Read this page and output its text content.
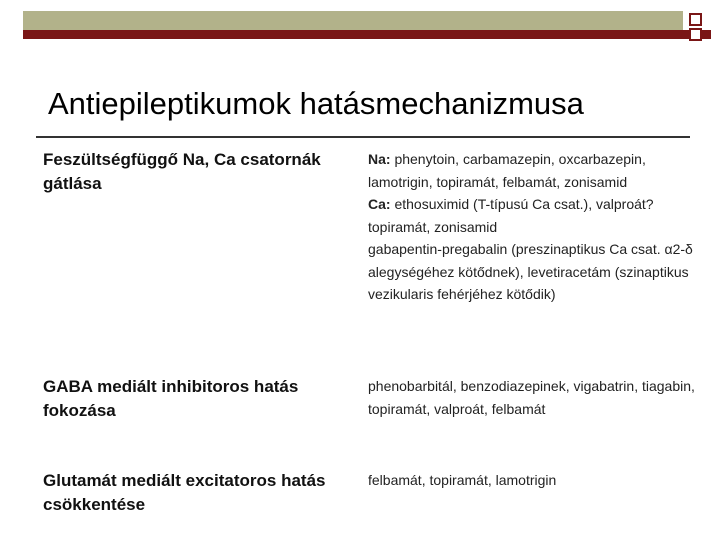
Antiepileptikumok hatásmechanizmusa
Feszültségfüggő Na, Ca csatornák gátlása

Na: phenytoin, carbamazepin, oxcarbazepin, lamotrigin, topiramát, felbamát, zonisamid

Ca: ethosuximid (T-típusú Ca csat.), valproát? topiramát, zonisamid

gabapentin-pregabalin (preszinaptikus Ca csat. α2-δ alegységéhez kötődnek), levetiracetám (szinaptikus vezikularis fehérjéhez kötődik)

GABA mediált inhibitoros hatás fokozása

phenobarbitál, benzodiazepinek, vigabatrin, tiagabin, topiramát, valproát, felbamát

Glutamát mediált excitatoros hatás csökkentése

felbamát, topiramát, lamotrigin
